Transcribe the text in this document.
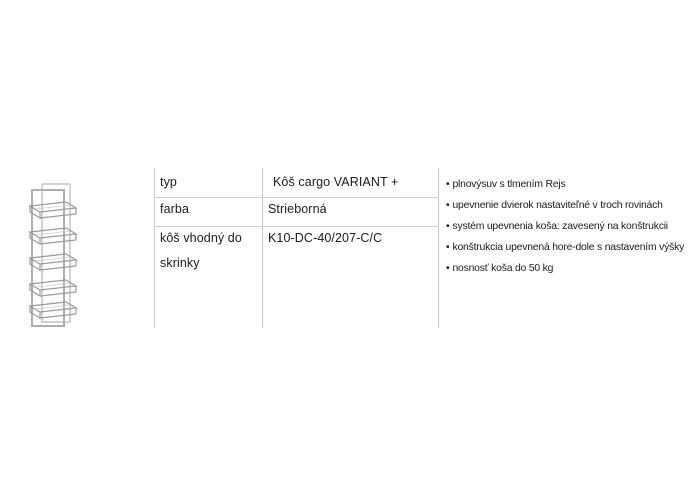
typ	Kôš cargo VARIANT +
farba	Strieborná
kôš vhodný do
skrinky
K10-DC-40/207-C/C
• plnovýsuv s tlmením Rejs
• upevnenie dvierok nastaviteľné v troch rovinách
• systém upevnenia koša: zavesený na konštrukcii
• konštrukcia upevnená hore-dole s nastavením výšky
• nosnosť koša do 50 kg
